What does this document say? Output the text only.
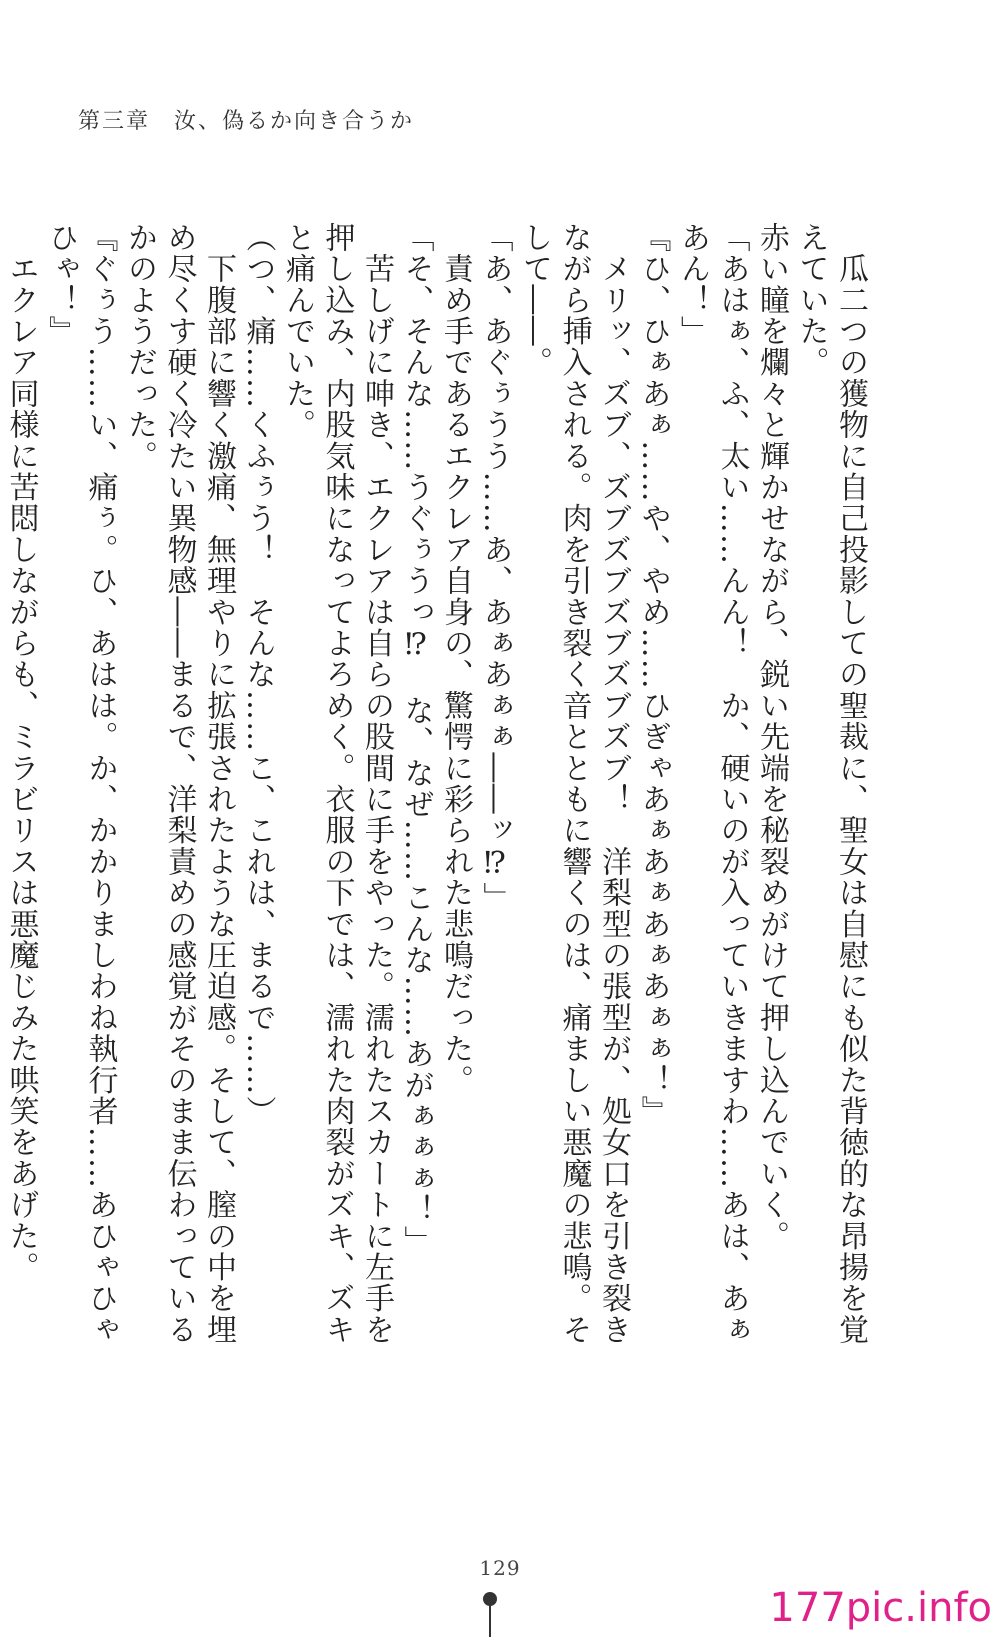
第三章　汝、偽るか向き合うか

　瓜二つの獲物に自己投影しての聖裁に、聖女は自慰にも似た背徳的な昂揚を覚えていた。

赤い瞳を爛々と輝かせながら、鋭い先端を秘裂めがけて押し込んでいく。

「あはぁ、ふ、太い……んん！　か、硬いのが入っていきますわ……あは、あぁあん！」

『ひ、ひぁあぁ……や、やめ……ひぎゃあぁあぁあぁあぁぁ！』

　メリッ、ズブ、ズブズブズブズブズブ！　洋梨型の張型が、処女口を引き裂きながら挿入される。肉を引き裂く音とともに響くのは、痛ましい悪魔の悲鳴。そして――。

「あ、あぐぅうう……あ、あぁあぁぁ――ッ⁉」

　責め手であるエクレア自身の、驚愕に彩られた悲鳴だった。

「そ、そんな……うぐぅうっ⁉　な、なぜ……こんな……あがぁぁぁ！」

　苦しげに呻き、エクレアは自らの股間に手をやった。濡れたスカートに左手を押し込み、内股気味になってよろめく。衣服の下では、濡れた肉裂がズキ、ズキと痛んでいた。

（つ、痛……くふぅう！　そんな……こ、これは、まるで……）

　下腹部に響く激痛、無理やりに拡張されたような圧迫感。そして、膣の中を埋め尽くす硬く冷たい異物感――まるで、洋梨責めの感覚がそのまま伝わっているかのようだった。

『ぐぅう……い、痛ぅ。ひ、あはは。か、かかりましわね執行者……あひゃひゃひゃ！』

　エクレア同様に苦悶しながらも、ミラビリスは悪魔じみた哄笑をあげた。

129
177pic.info
